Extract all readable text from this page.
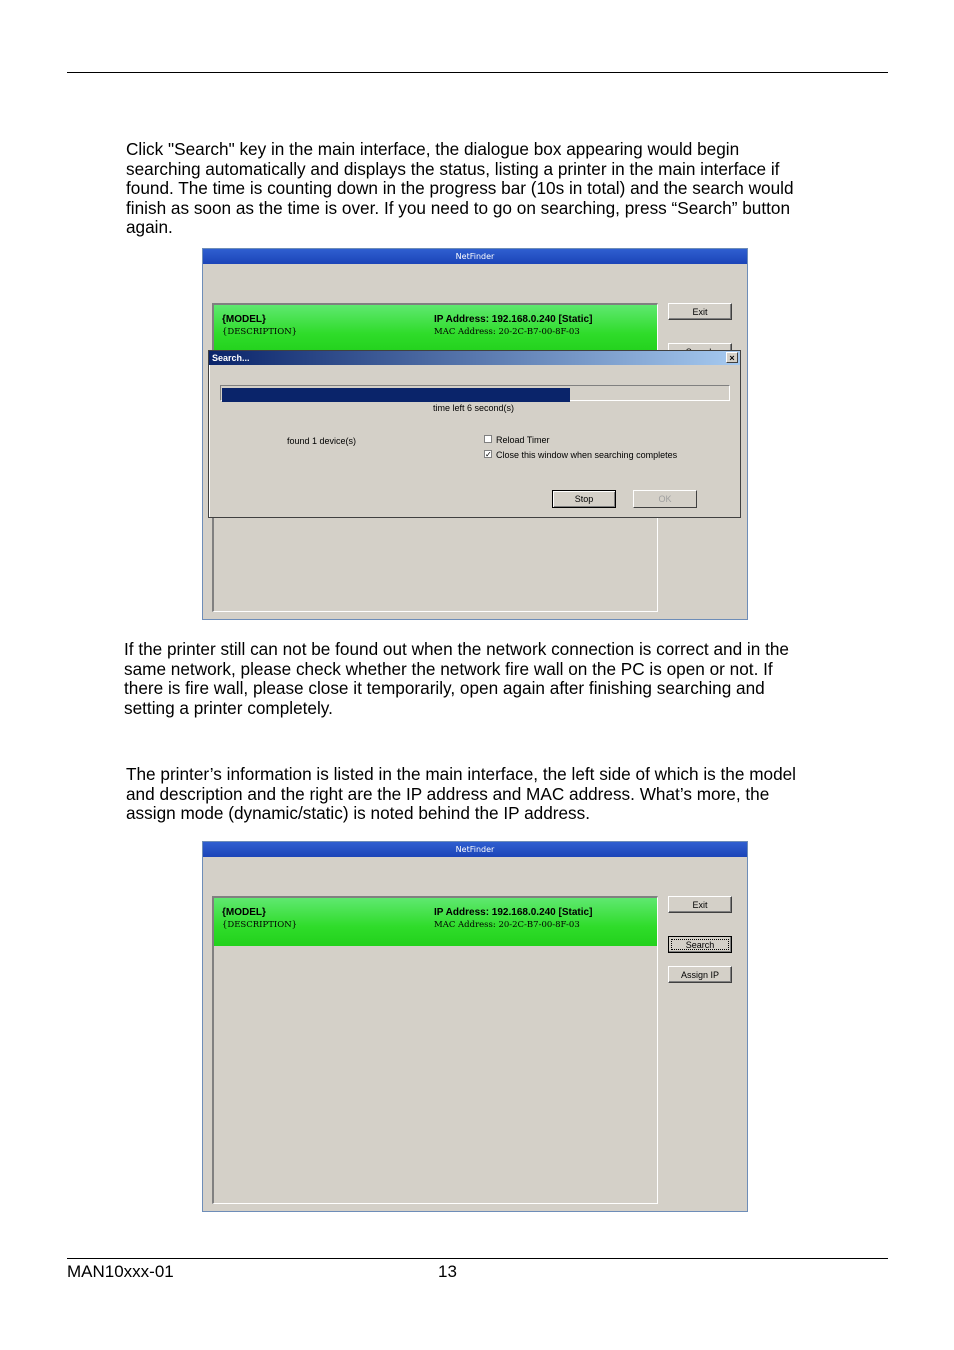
Click "Search" key in the main interface, the dialogue box appearing would begin
searching automatically and displays the status, listing a printer in the main interface if
found. The time is counting down in the progress bar (10s in total) and the search would
finish as soon as the time is over. If you need to go on searching, press “Search” button
again.
NetFinder
{MODEL}
{DESCRIPTION}
IP Address: 192.168.0.240 [Static]
MAC Address: 20-2C-B7-00-8F-03
Exit
Search...	×
time left 6 second(s)
found 1 device(s)	Reload Timer
✓ Close this window when searching completes
Stop	OK
If the printer still can not be found out when the network connection is correct and in the
same network, please check whether the network fire wall on the PC is open or not. If
there is fire wall, please close it temporarily, open again after finishing searching and
setting a printer completely.
The printer’s information is listed in the main interface, the left side of which is the model
and description and the right are the IP address and MAC address. What’s more, the
assign mode (dynamic/static) is noted behind the IP address.
NetFinder
{MODEL}
{DESCRIPTION}
IP Address: 192.168.0.240 [Static]
MAC Address: 20-2C-B7-00-8F-03
Exit
Search
Assign IP
MAN10xxx-01	13
